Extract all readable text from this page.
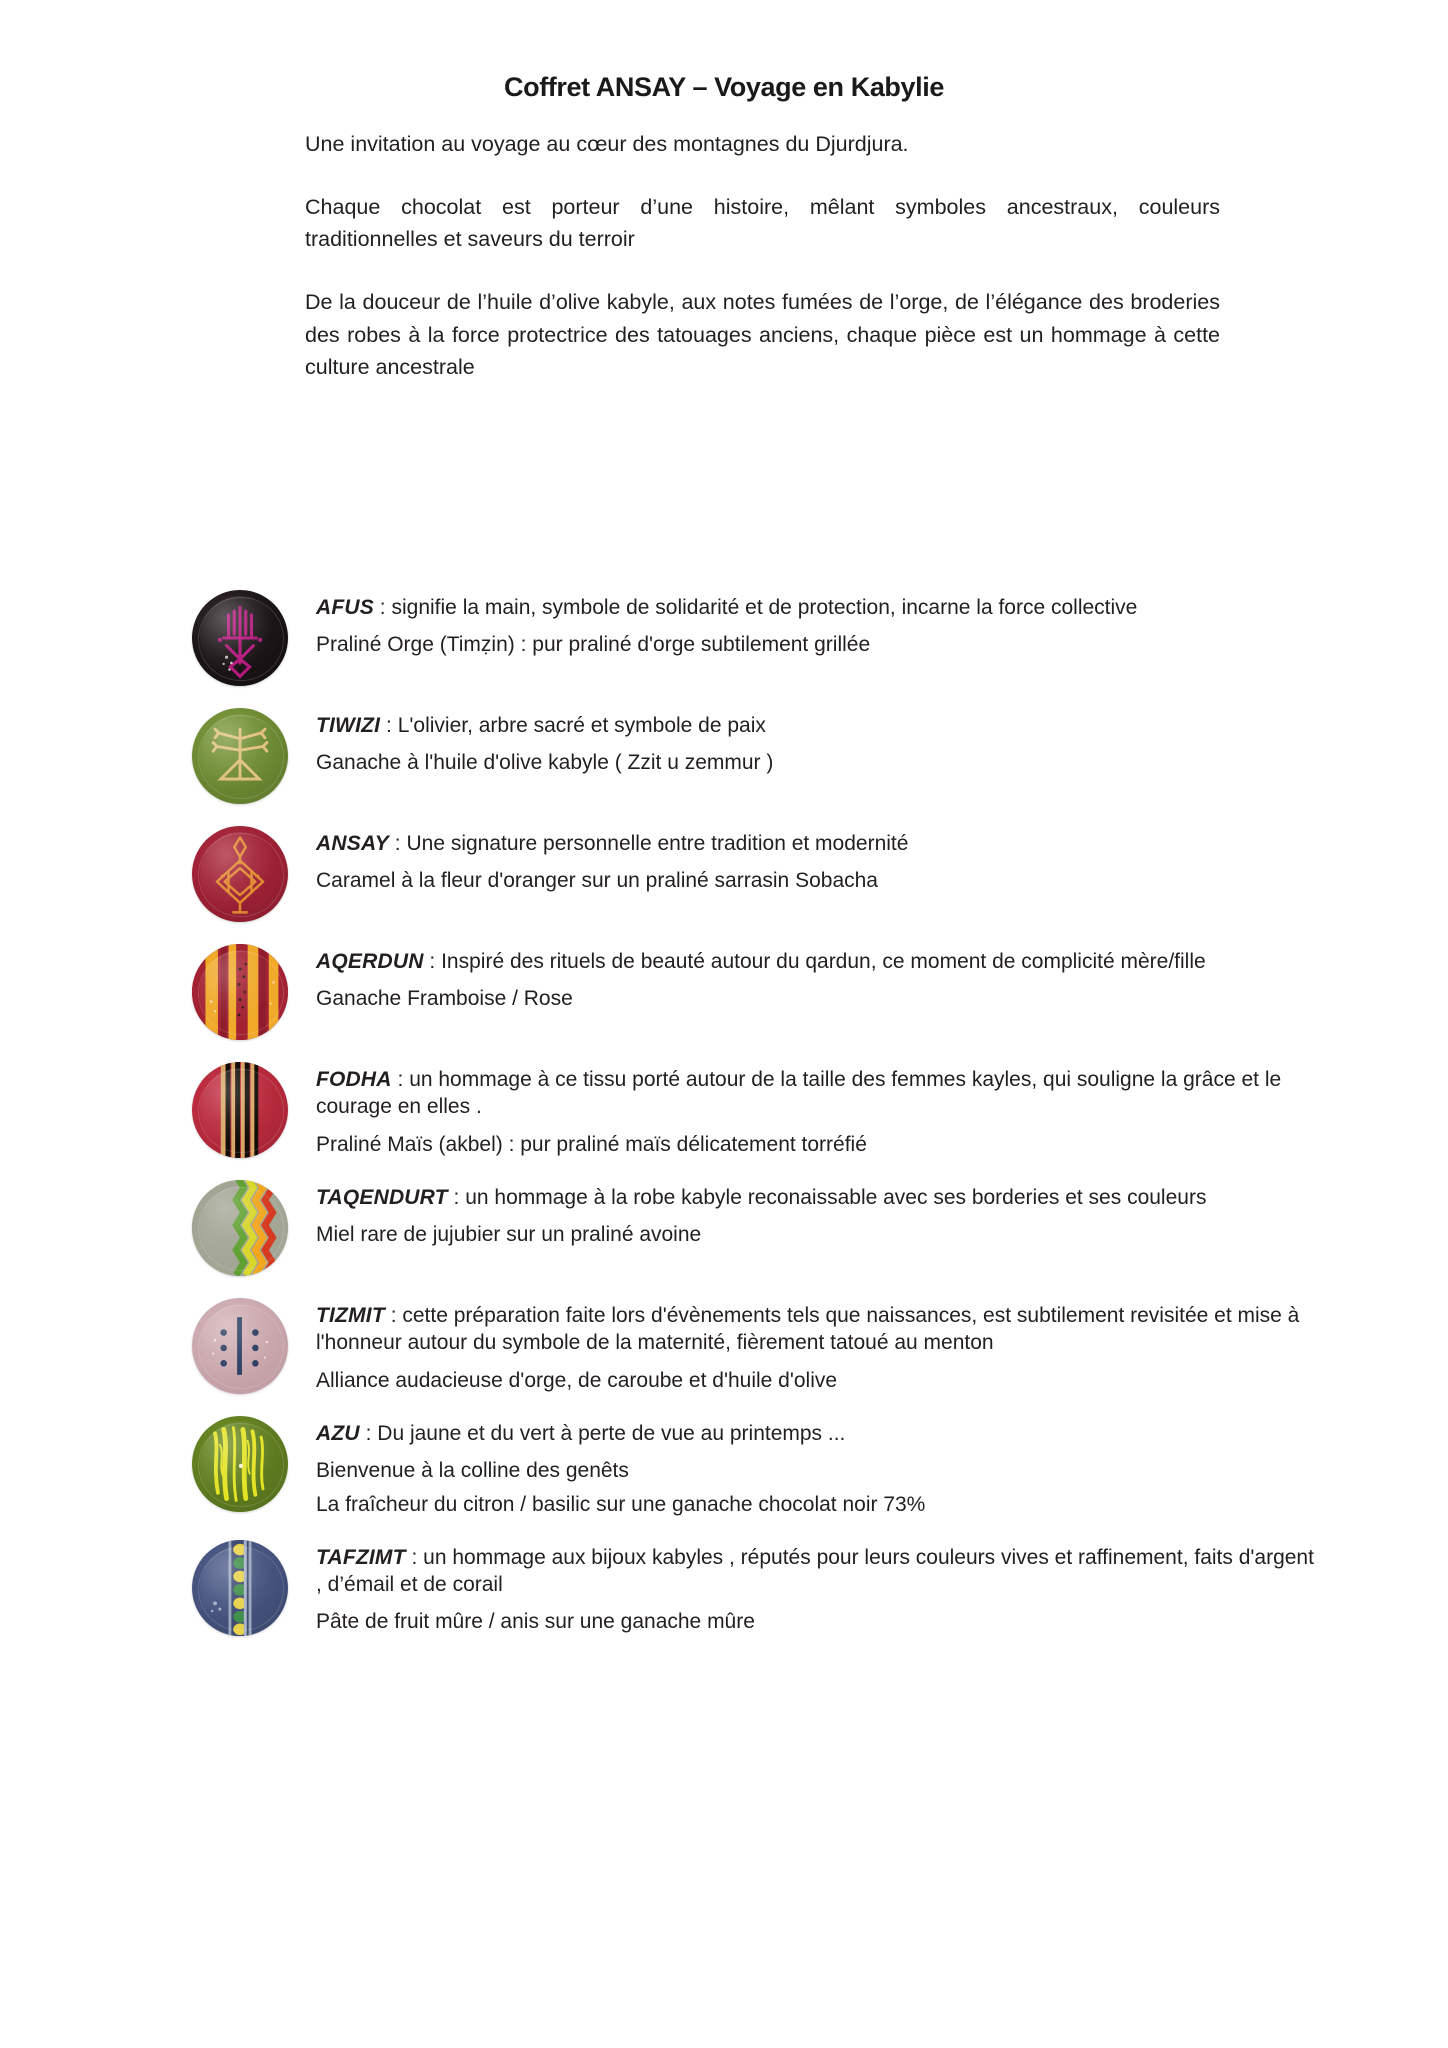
Coffret ANSAY – Voyage en Kabylie

Une invitation au voyage au cœur des montagnes du Djurdjura.

Chaque chocolat est porteur d’une histoire, mêlant symboles ancestraux, couleurs traditionnelles et saveurs du terroir

De la douceur de l’huile d’olive kabyle, aux notes fumées de l’orge, de l’élégance des broderies des robes à la force protectrice des tatouages anciens, chaque pièce est un hommage à cette culture ancestrale

AFUS : signifie la main, symbole de solidarité et de protection, incarne la force collective

Praliné Orge (Timẓin) : pur praliné d'orge subtilement grillée

TIWIZI : L'olivier, arbre sacré et symbole de paix

Ganache à l'huile d'olive kabyle ( Zzit u zemmur )

ANSAY : Une signature personnelle entre tradition et modernité

Caramel à la fleur d'oranger sur un praliné sarrasin Sobacha

AQERDUN : Inspiré des rituels de beauté autour du qardun, ce moment de complicité mère/fille

Ganache Framboise / Rose

FODHA : un hommage à ce tissu porté autour de la taille des femmes kayles, qui souligne la grâce et le courage en elles .

Praliné Maïs (akbel) : pur praliné maïs délicatement torréfié

TAQENDURT : un hommage à la robe kabyle reconaissable avec ses borderies et ses couleurs

Miel rare de jujubier sur un praliné avoine

TIZMIT : cette préparation faite lors d'évènements tels que naissances, est subtilement revisitée et mise à l'honneur autour du symbole de la maternité, fièrement tatoué au menton

Alliance audacieuse d'orge, de caroube et d'huile d'olive

AZU : Du jaune et du vert à perte de vue au printemps ...

Bienvenue à la colline des genêts

La fraîcheur du citron / basilic sur une ganache chocolat noir 73%

TAFZIMT : un hommage aux bijoux kabyles , réputés pour leurs couleurs vives et raffinement, faits d'argent , d’émail et de corail

Pâte de fruit mûre / anis sur une ganache mûre
